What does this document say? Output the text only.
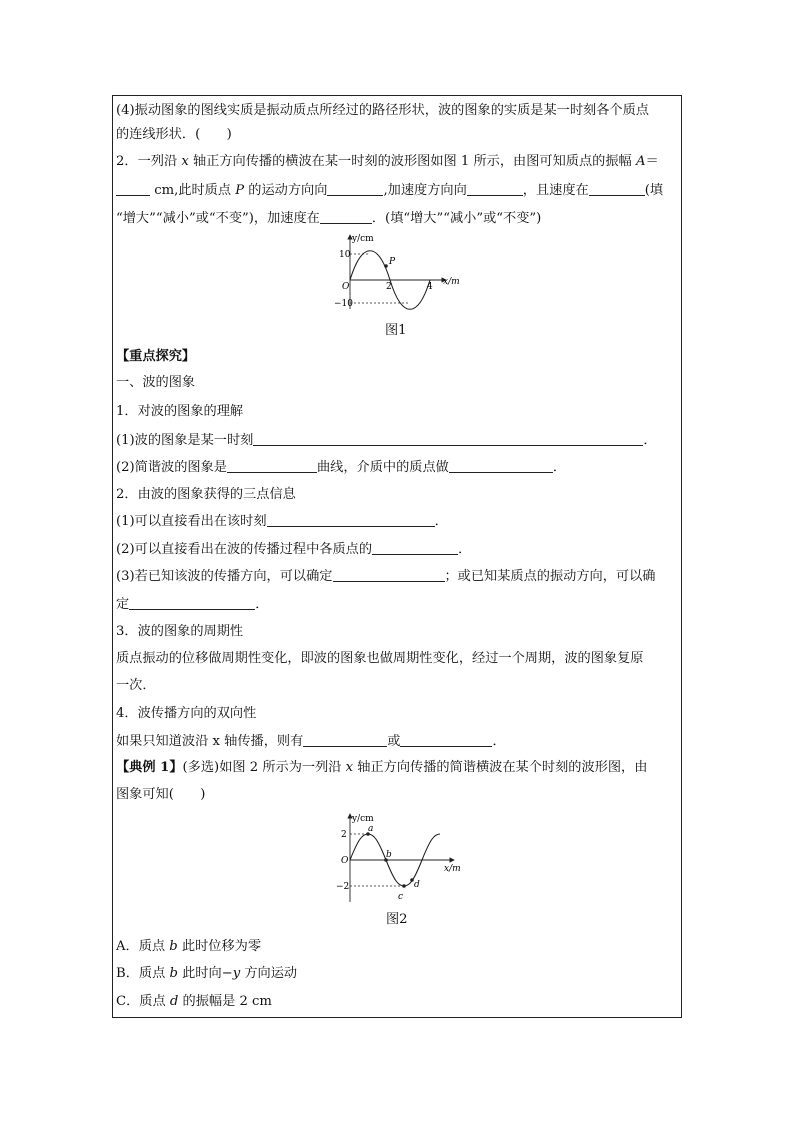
(4)振动图象的图线实质是振动质点所经过的路径形状，波的图象的实质是某一时刻各个质点
的连线形状．(　　)
2．一列沿 x 轴正方向传播的横波在某一时刻的波形图如图 1 所示，由图可知质点的振幅 A＝
cm,此时质点 P 的运动方向向	,加速度方向向	，且速度在	(填
“增大”“减小”或“不变”)，加速度在	．(填“增大”“减小”或“不变”)
y/cm
x/m
10
−10
O	2	4
P
图1
【重点探究】
一、波的图象
1．对波的图象的理解
(1)波的图象是某一时刻	．
(2)简谐波的图象是	曲线，介质中的质点做	．
2．由波的图象获得的三点信息
(1)可以直接看出在该时刻	．
(2)可以直接看出在波的传播过程中各质点的	．
(3)若已知该波的传播方向，可以确定	；或已知某质点的振动方向，可以确
定	．
3．波的图象的周期性
质点振动的位移做周期性变化，即波的图象也做周期性变化，经过一个周期，波的图象复原
一次．
4．波传播方向的双向性
如果只知道波沿 x 轴传播，则有	或	．
【典例 1】(多选)如图 2 所示为一列沿 x 轴正方向传播的简谐横波在某个时刻的波形图，由
图象可知(　　)
y/cm
x/m
2
−2
O
a
b
c
d
图2
A．质点 b 此时位移为零
B．质点 b 此时向−y 方向运动
C．质点 d 的振幅是 2 cm
